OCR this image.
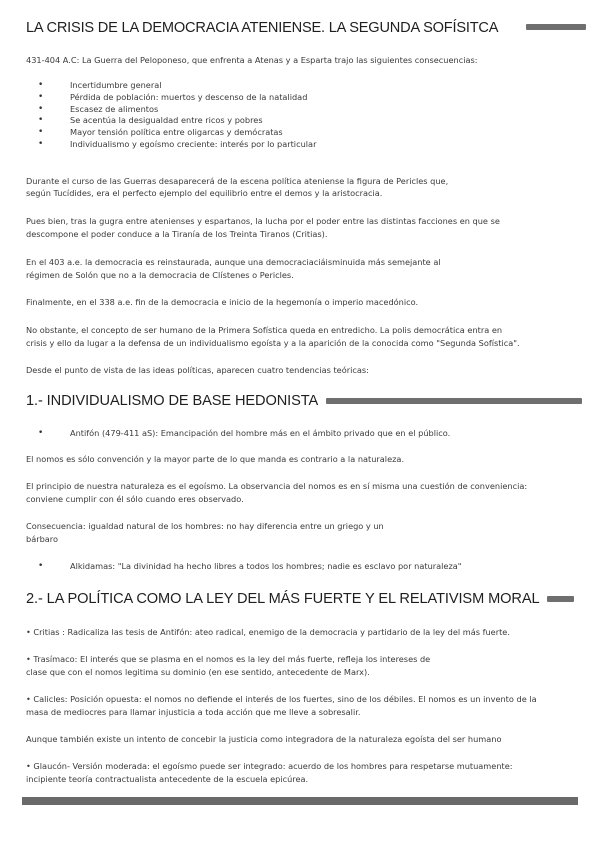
LA CRISIS DE LA DEMOCRACIA ATENIENSE. LA SEGUNDA SOFÍSITCA
431-404 A.C: La Guerra del Peloponeso, que enfrenta a Atenas y a Esparta trajo las siguientes consecuencias:
• Incertidumbre general
• Pérdida de población: muertos y descenso de la natalidad
• Escasez de alimentos
• Se acentúa la desigualdad entre ricos y pobres
• Mayor tensión política entre oligarcas y demócratas
• Individualismo y egoísmo creciente: interés por lo particular
Durante el curso de las Guerras desaparecerá de la escena política ateniense la figura de Pericles que,
según Tucídides, era el perfecto ejemplo del equilibrio entre el demos y la aristocracia.
Pues bien, tras la gugra entre atenienses y espartanos, la lucha por el poder entre las distintas facciones en que se
descompone el poder conduce a la Tiranía de los Treinta Tiranos (Critias).
En el 403 a.e. la democracia es reinstaurada, aunque una democraciaciáisminuida más semejante al
régimen de Solón que no a la democracia de Clístenes o Pericles.
Finalmente, en el 338 a.e. fin de la democracia e inicio de la hegemonía o imperio macedónico.
No obstante, el concepto de ser humano de la Primera Sofística queda en entredicho. La polis democrática entra en
crisis y ello da lugar a la defensa de un individualismo egoísta y a la aparición de la conocida como "Segunda Sofística".
Desde el punto de vista de las ideas políticas, aparecen cuatro tendencias teóricas:
1.- INDIVIDUALISMO DE BASE HEDONISTA
• Antifón (479-411 aS): Emancipación del hombre más en el ámbito privado que en el público.
El nomos es sólo convención y la mayor parte de lo que manda es contrario a la naturaleza.
El principio de nuestra naturaleza es el egoísmo. La observancia del nomos es en sí misma una cuestión de conveniencia:
conviene cumplir con él sólo cuando eres observado.
Consecuencia: igualdad natural de los hombres: no hay diferencia entre un griego y un
bárbaro
• Alkidamas: "La divinidad ha hecho libres a todos los hombres; nadie es esclavo por naturaleza"
2.- LA POLÍTICA COMO LA LEY DEL MÁS FUERTE Y EL RELATIVISM MORAL
• Critias : Radicaliza las tesis de Antifón: ateo radical, enemigo de la democracia y partidario de la ley del más fuerte.
• Trasímaco: El interés que se plasma en el nomos es la ley del más fuerte, refleja los intereses de
clase que con el nomos legitima su dominio (en ese sentido, antecedente de Marx).
• Calicles: Posición opuesta: el nomos no defiende el interés de los fuertes, sino de los débiles. El nomos es un invento de la
masa de mediocres para llamar injusticia a toda acción que me lleve a sobresalir.
Aunque también existe un intento de concebir la justicia como integradora de la naturaleza egoísta del ser humano
• Glaucón- Versión moderada: el egoísmo puede ser integrado: acuerdo de los hombres para respetarse mutuamente:
incipiente teoría contractualista antecedente de la escuela epicúrea.
